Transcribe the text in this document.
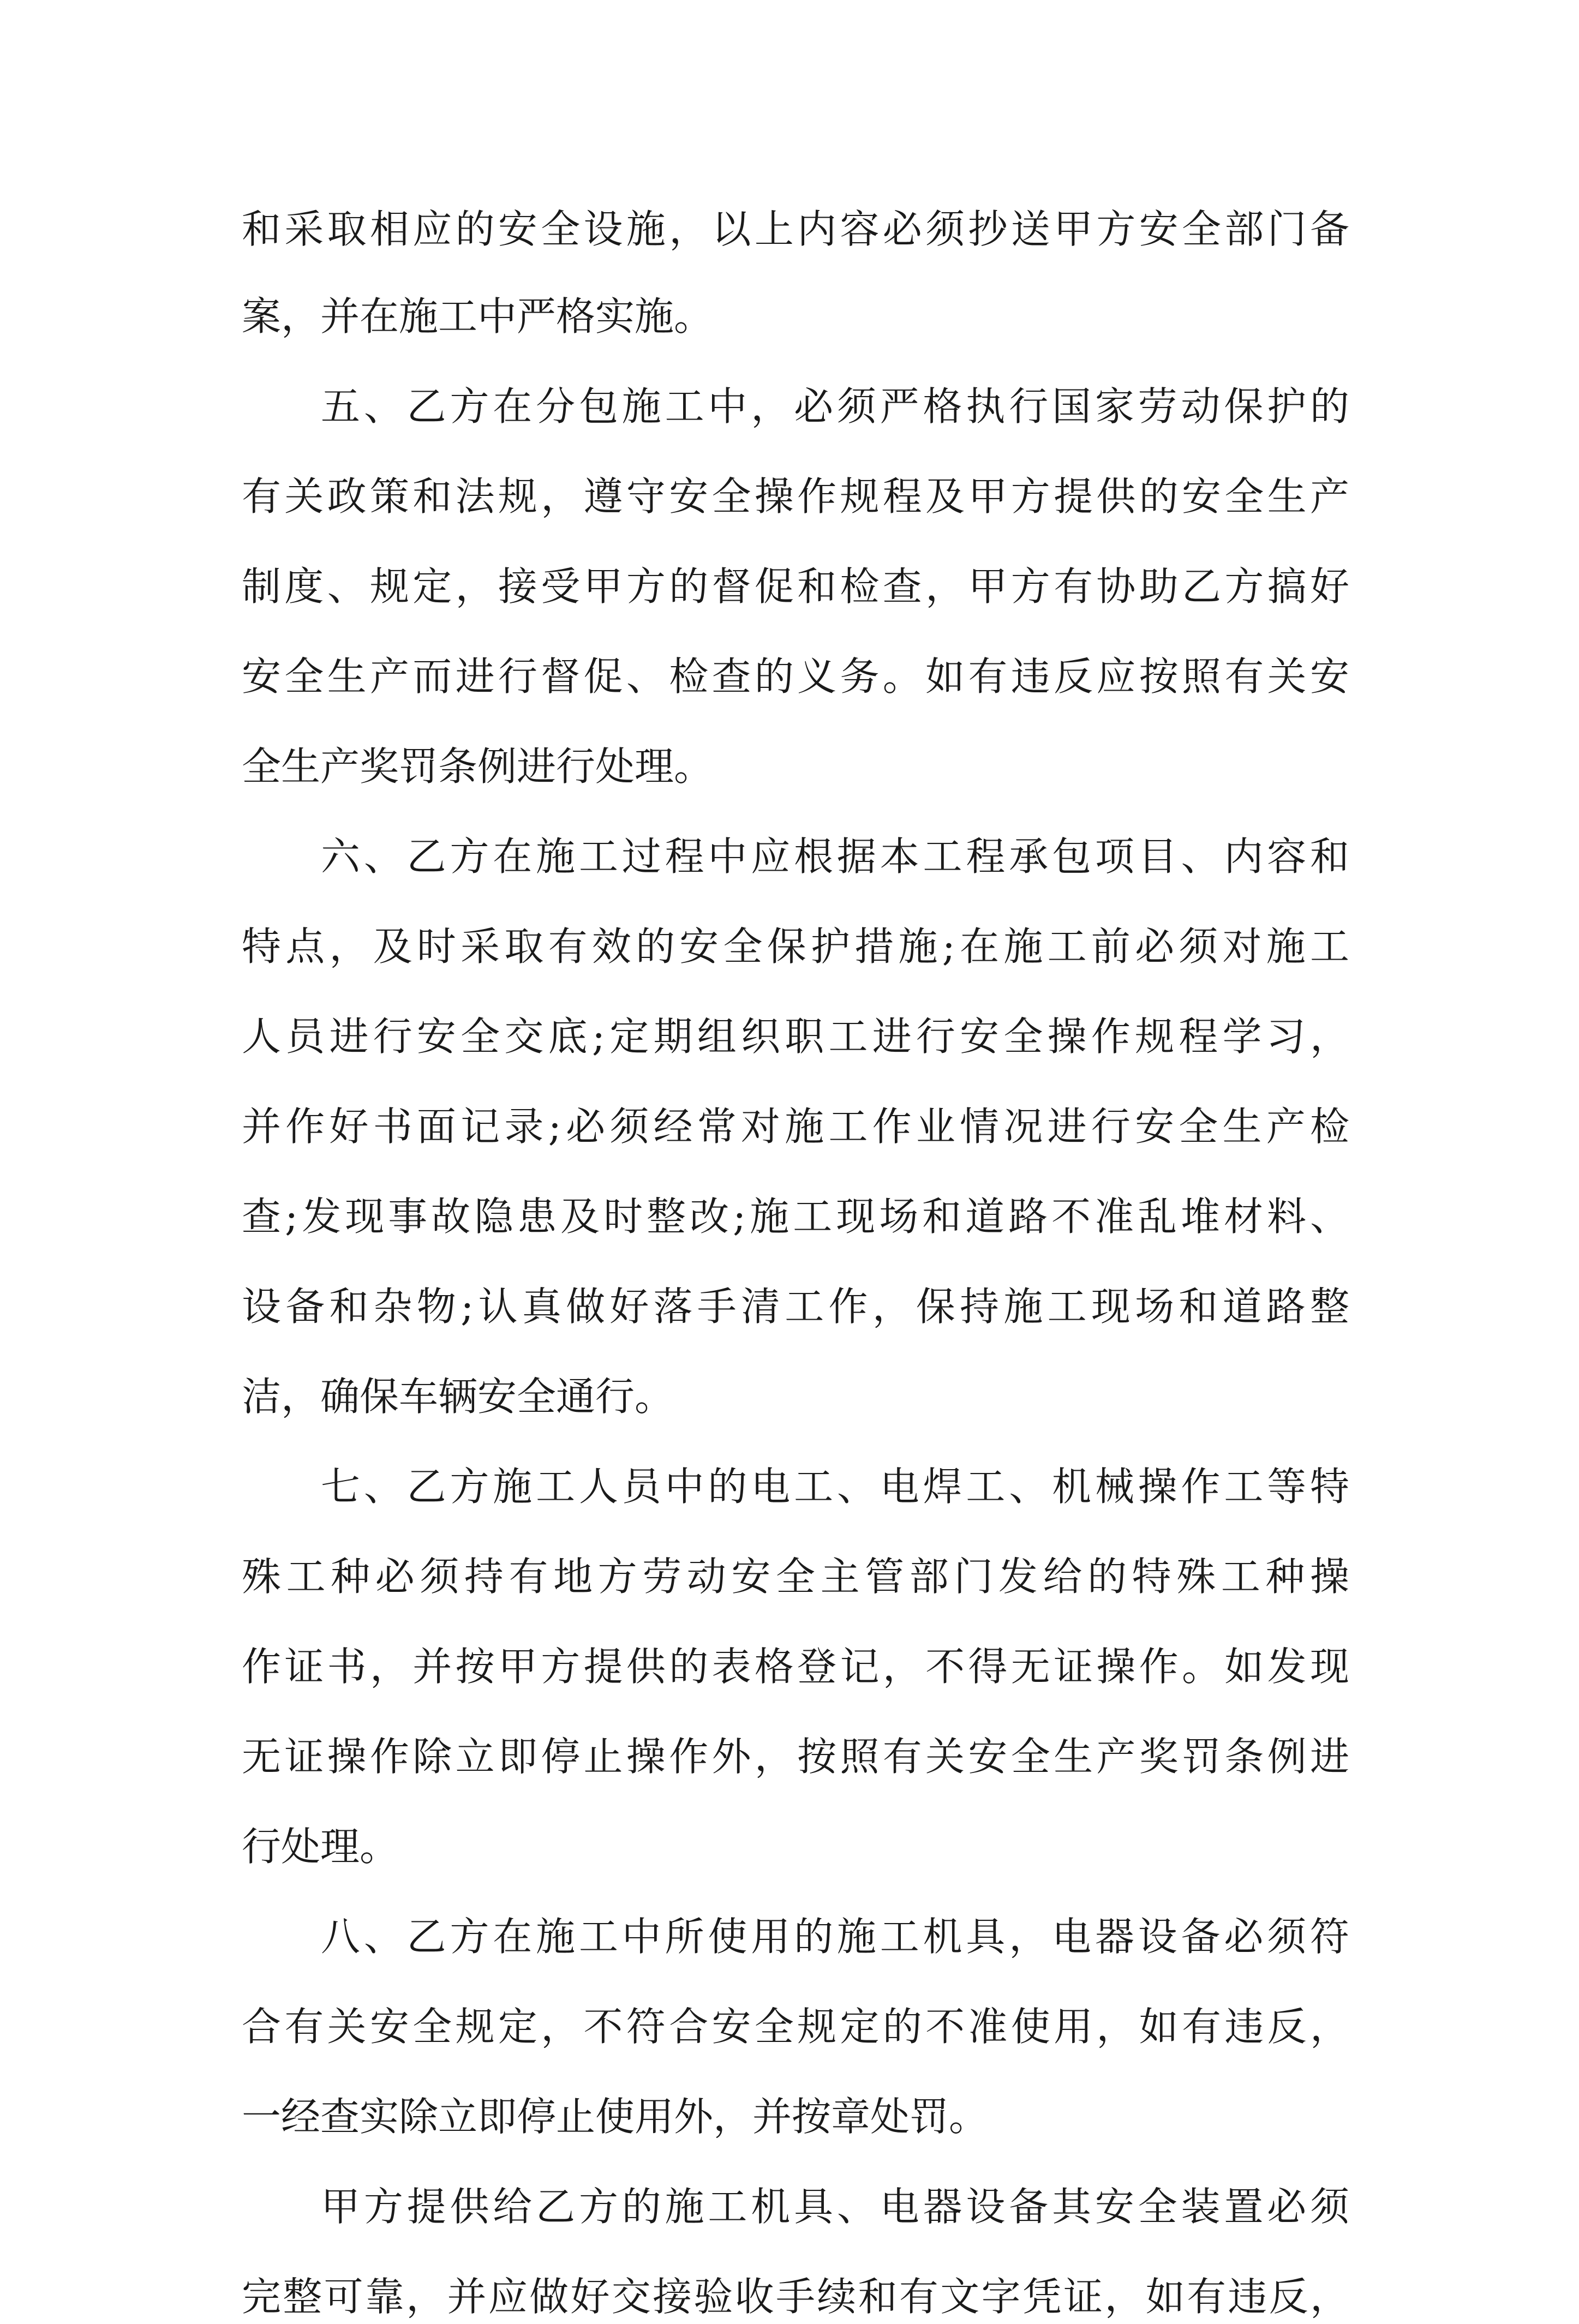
和采取相应的安全设施，以上内容必须抄送甲方安全部门备
案，并在施工中严格实施。
五、乙方在分包施工中，必须严格执行国家劳动保护的
有关政策和法规，遵守安全操作规程及甲方提供的安全生产
制度、规定，接受甲方的督促和检查，甲方有协助乙方搞好
安全生产而进行督促、检查的义务。如有违反应按照有关安
全生产奖罚条例进行处理。
六、乙方在施工过程中应根据本工程承包项目、内容和
特点，及时采取有效的安全保护措施;在施工前必须对施工
人员进行安全交底;定期组织职工进行安全操作规程学习，
并作好书面记录;必须经常对施工作业情况进行安全生产检
查;发现事故隐患及时整改;施工现场和道路不准乱堆材料、
设备和杂物;认真做好落手清工作，保持施工现场和道路整
洁，确保车辆安全通行。
七、乙方施工人员中的电工、电焊工、机械操作工等特
殊工种必须持有地方劳动安全主管部门发给的特殊工种操
作证书，并按甲方提供的表格登记，不得无证操作。如发现
无证操作除立即停止操作外，按照有关安全生产奖罚条例进
行处理。
八、乙方在施工中所使用的施工机具，电器设备必须符
合有关安全规定，不符合安全规定的不准使用，如有违反，
一经查实除立即停止使用外，并按章处罚。
甲方提供给乙方的施工机具、电器设备其安全装置必须
完整可靠，并应做好交接验收手续和有文字凭证，如有违反，
